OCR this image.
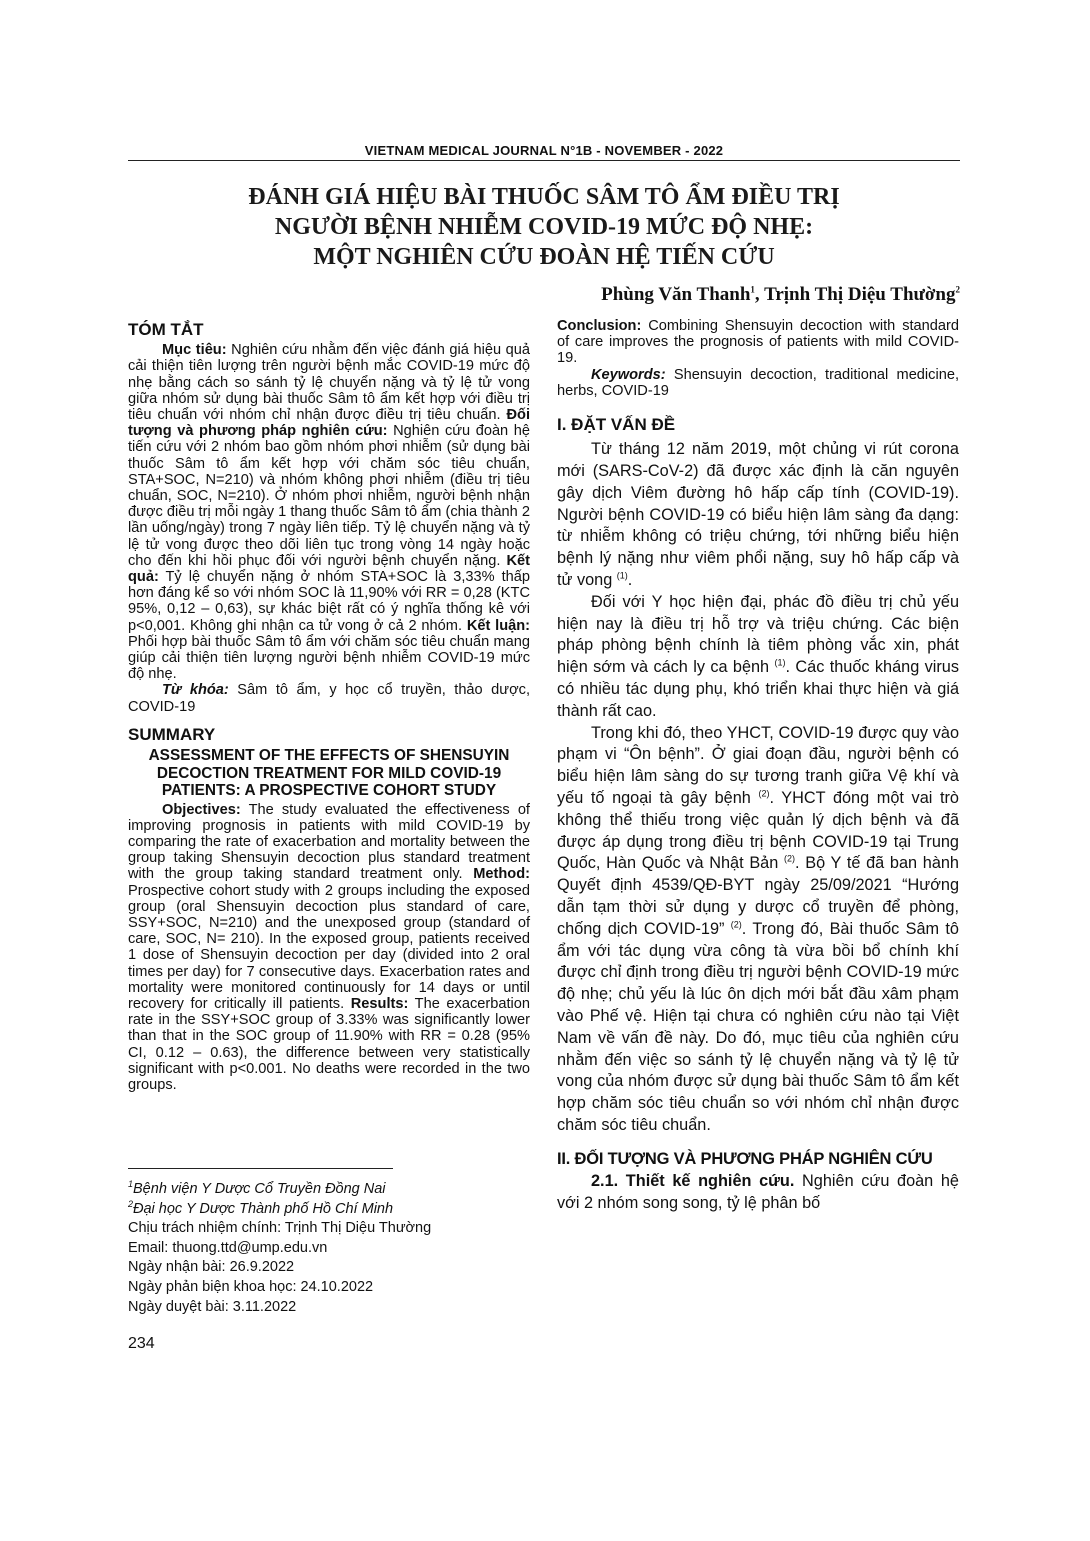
VIETNAM MEDICAL JOURNAL N°1B - NOVEMBER - 2022
ĐÁNH GIÁ HIỆU BÀI THUỐC SÂM TÔ ẨM ĐIỀU TRỊ
NGƯỜI BỆNH NHIỄM COVID-19 MỨC ĐỘ NHẸ:
MỘT NGHIÊN CỨU ĐOÀN HỆ TIẾN CỨU
Phùng Văn Thanh$^1$, Trịnh Thị Diệu Thường$^2$
TÓM TẮT

Mục tiêu: Nghiên cứu nhằm đến việc đánh giá hiệu quả cải thiện tiên lượng trên người bệnh mắc COVID-19 mức độ nhẹ bằng cách so sánh tỷ lệ chuyển nặng và tỷ lệ tử vong giữa nhóm sử dụng bài thuốc Sâm tô ẩm kết hợp với điều trị tiêu chuẩn với nhóm chỉ nhận được điều trị tiêu chuẩn. Đối tượng và phương pháp nghiên cứu: Nghiên cứu đoàn hệ tiến cứu với 2 nhóm bao gồm nhóm phơi nhiễm (sử dụng bài thuốc Sâm tô ẩm kết hợp với chăm sóc tiêu chuẩn, STA+SOC, N=210) và nhóm không phơi nhiễm (điều trị tiêu chuẩn, SOC, N=210). Ở nhóm phơi nhiễm, người bệnh nhận được điều trị mỗi ngày 1 thang thuốc Sâm tô ẩm (chia thành 2 lần uống/ngày) trong 7 ngày liên tiếp. Tỷ lệ chuyển nặng và tỷ lệ tử vong được theo dõi liên tục trong vòng 14 ngày hoặc cho đến khi hồi phục đối với người bệnh chuyển nặng. Kết quả: Tỷ lệ chuyển nặng ở nhóm STA+SOC là 3,33% thấp hơn đáng kể so với nhóm SOC là 11,90% với RR = 0,28 (KTC 95%, 0,12 – 0,63), sự khác biệt rất có ý nghĩa thống kê với p<0,001. Không ghi nhận ca tử vong ở cả 2 nhóm. Kết luận: Phối hợp bài thuốc Sâm tô ẩm với chăm sóc tiêu chuẩn mang giúp cải thiện tiên lượng người bệnh nhiễm COVID-19 mức độ nhẹ.

Từ khóa: Sâm tô ẩm, y học cổ truyền, thảo dược, COVID-19

SUMMARY
ASSESSMENT OF THE EFFECTS OF SHENSUYIN DECOCTION TREATMENT FOR MILD COVID-19 PATIENTS: A PROSPECTIVE COHORT STUDY

Objectives: The study evaluated the effectiveness of improving prognosis in patients with mild COVID-19 by comparing the rate of exacerbation and mortality between the group taking Shensuyin decoction plus standard treatment with the group taking standard treatment only. Method: Prospective cohort study with 2 groups including the exposed group (oral Shensuyin decoction plus standard of care, SSY+SOC, N=210) and the unexposed group (standard of care, SOC, N= 210). In the exposed group, patients received 1 dose of Shensuyin decoction per day (divided into 2 oral times per day) for 7 consecutive days. Exacerbation rates and mortality were monitored continuously for 14 days or until recovery for critically ill patients. Results: The exacerbation rate in the SSY+SOC group of 3.33% was significantly lower than that in the SOC group of 11.90% with RR = 0.28 (95% CI, 0.12 – 0.63), the difference between very statistically significant with p<0.001. No deaths were recorded in the two groups.

$^1$Bệnh viện Y Dược Cổ Truyền Đồng Nai
$^2$Đại học Y Dược Thành phố Hồ Chí Minh
Chịu trách nhiệm chính: Trịnh Thị Diệu Thường
Email: thuong.ttd@ump.edu.vn
Ngày nhận bài: 26.9.2022
Ngày phản biện khoa học: 24.10.2022
Ngày duyệt bài: 3.11.2022
234

Conclusion: Combining Shensuyin decoction with standard of care improves the prognosis of patients with mild COVID-19.

Keywords: Shensuyin decoction, traditional medicine, herbs, COVID-19

I. ĐẶT VẤN ĐỀ

Từ tháng 12 năm 2019, một chủng vi rút corona mới (SARS-CoV-2) đã được xác định là căn nguyên gây dịch Viêm đường hô hấp cấp tính (COVID-19). Người bệnh COVID-19 có biểu hiện lâm sàng đa dạng: từ nhiễm không có triệu chứng, tới những biểu hiện bệnh lý nặng như viêm phổi nặng, suy hô hấp cấp và tử vong $^{(1)}$.

Đối với Y học hiện đại, phác đồ điều trị chủ yếu hiện nay là điều trị hỗ trợ và triệu chứng. Các biện pháp phòng bệnh chính là tiêm phòng vắc xin, phát hiện sớm và cách ly ca bệnh $^{(1)}$. Các thuốc kháng virus có nhiều tác dụng phụ, khó triển khai thực hiện và giá thành rất cao.

Trong khi đó, theo YHCT, COVID-19 được quy vào phạm vi “Ôn bệnh”. Ở giai đoạn đầu, người bệnh có biểu hiện lâm sàng do sự tương tranh giữa Vệ khí và yếu tố ngoại tà gây bệnh $^{(2)}$. YHCT đóng một vai trò không thể thiếu trong việc quản lý dịch bệnh và đã được áp dụng trong điều trị bệnh COVID-19 tại Trung Quốc, Hàn Quốc và Nhật Bản $^{(2)}$. Bộ Y tế đã ban hành Quyết định 4539/QĐ-BYT ngày 25/09/2021 “Hướng dẫn tạm thời sử dụng y dược cổ truyền để phòng, chống dịch COVID-19” $^{(2)}$. Trong đó, Bài thuốc Sâm tô ẩm với tác dụng vừa công tà vừa bồi bổ chính khí được chỉ định trong điều trị người bệnh COVID-19 mức độ nhẹ; chủ yếu là lúc ôn dịch mới bắt đầu xâm phạm vào Phế vệ. Hiện tại chưa có nghiên cứu nào tại Việt Nam về vấn đề này. Do đó, mục tiêu của nghiên cứu nhằm đến việc so sánh tỷ lệ chuyển nặng và tỷ lệ tử vong của nhóm được sử dụng bài thuốc Sâm tô ẩm kết hợp chăm sóc tiêu chuẩn so với nhóm chỉ nhận được chăm sóc tiêu chuẩn.

II. ĐỐI TƯỢNG VÀ PHƯƠNG PHÁP NGHIÊN CỨU

2.1. Thiết kế nghiên cứu. Nghiên cứu đoàn hệ với 2 nhóm song song, tỷ lệ phân bố
